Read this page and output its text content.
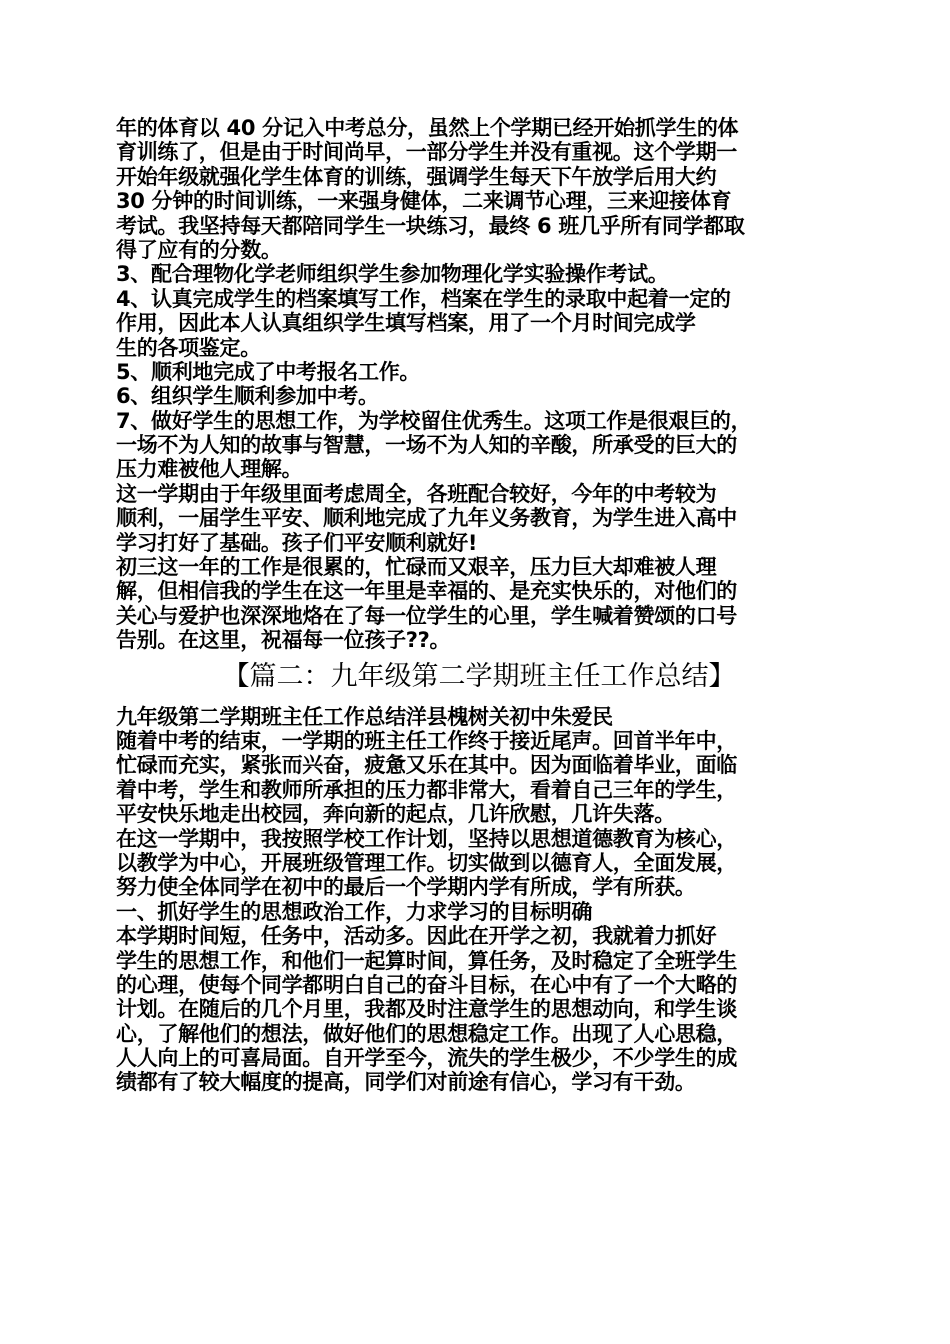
年的体育以 40 分记入中考总分，虽然上个学期已经开始抓学生的体
育训练了，但是由于时间尚早，一部分学生并没有重视。这个学期一
开始年级就强化学生体育的训练，强调学生每天下午放学后用大约
30 分钟的时间训练，一来强身健体，二来调节心理，三来迎接体育
考试。我坚持每天都陪同学生一块练习，最终 6 班几乎所有同学都取
得了应有的分数。
3、配合理物化学老师组织学生参加物理化学实验操作考试。
4、认真完成学生的档案填写工作，档案在学生的录取中起着一定的
作用，因此本人认真组织学生填写档案，用了一个月时间完成学
生的各项鉴定。
5、顺利地完成了中考报名工作。
6、组织学生顺利参加中考。
7、做好学生的思想工作，为学校留住优秀生。这项工作是很艰巨的，
一场不为人知的故事与智慧，一场不为人知的辛酸，所承受的巨大的
压力难被他人理解。
这一学期由于年级里面考虑周全，各班配合较好，今年的中考较为
顺利，一届学生平安、顺利地完成了九年义务教育，为学生进入高中
学习打好了基础。孩子们平安顺利就好!
初三这一年的工作是很累的，忙碌而又艰辛，压力巨大却难被人理
解，但相信我的学生在这一年里是幸福的、是充实快乐的，对他们的
关心与爱护也深深地烙在了每一位学生的心里，学生喊着赞颂的口号
告别。在这里，祝福每一位孩子??。
【篇二：九年级第二学期班主任工作总结】
九年级第二学期班主任工作总结洋县槐树关初中朱爱民
随着中考的结束，一学期的班主任工作终于接近尾声。回首半年中，
忙碌而充实，紧张而兴奋，疲惫又乐在其中。因为面临着毕业，面临
着中考，学生和教师所承担的压力都非常大，看着自己三年的学生，
平安快乐地走出校园，奔向新的起点，几许欣慰，几许失落。
在这一学期中，我按照学校工作计划，坚持以思想道德教育为核心，
以教学为中心，开展班级管理工作。切实做到以德育人，全面发展，
努力使全体同学在初中的最后一个学期内学有所成，学有所获。
一、抓好学生的思想政治工作，力求学习的目标明确
本学期时间短，任务中，活动多。因此在开学之初，我就着力抓好
学生的思想工作，和他们一起算时间，算任务，及时稳定了全班学生
的心理，使每个同学都明白自己的奋斗目标，在心中有了一个大略的
计划。在随后的几个月里，我都及时注意学生的思想动向，和学生谈
心，了解他们的想法，做好他们的思想稳定工作。出现了人心思稳，
人人向上的可喜局面。自开学至今，流失的学生极少，不少学生的成
绩都有了较大幅度的提高，同学们对前途有信心，学习有干劲。
